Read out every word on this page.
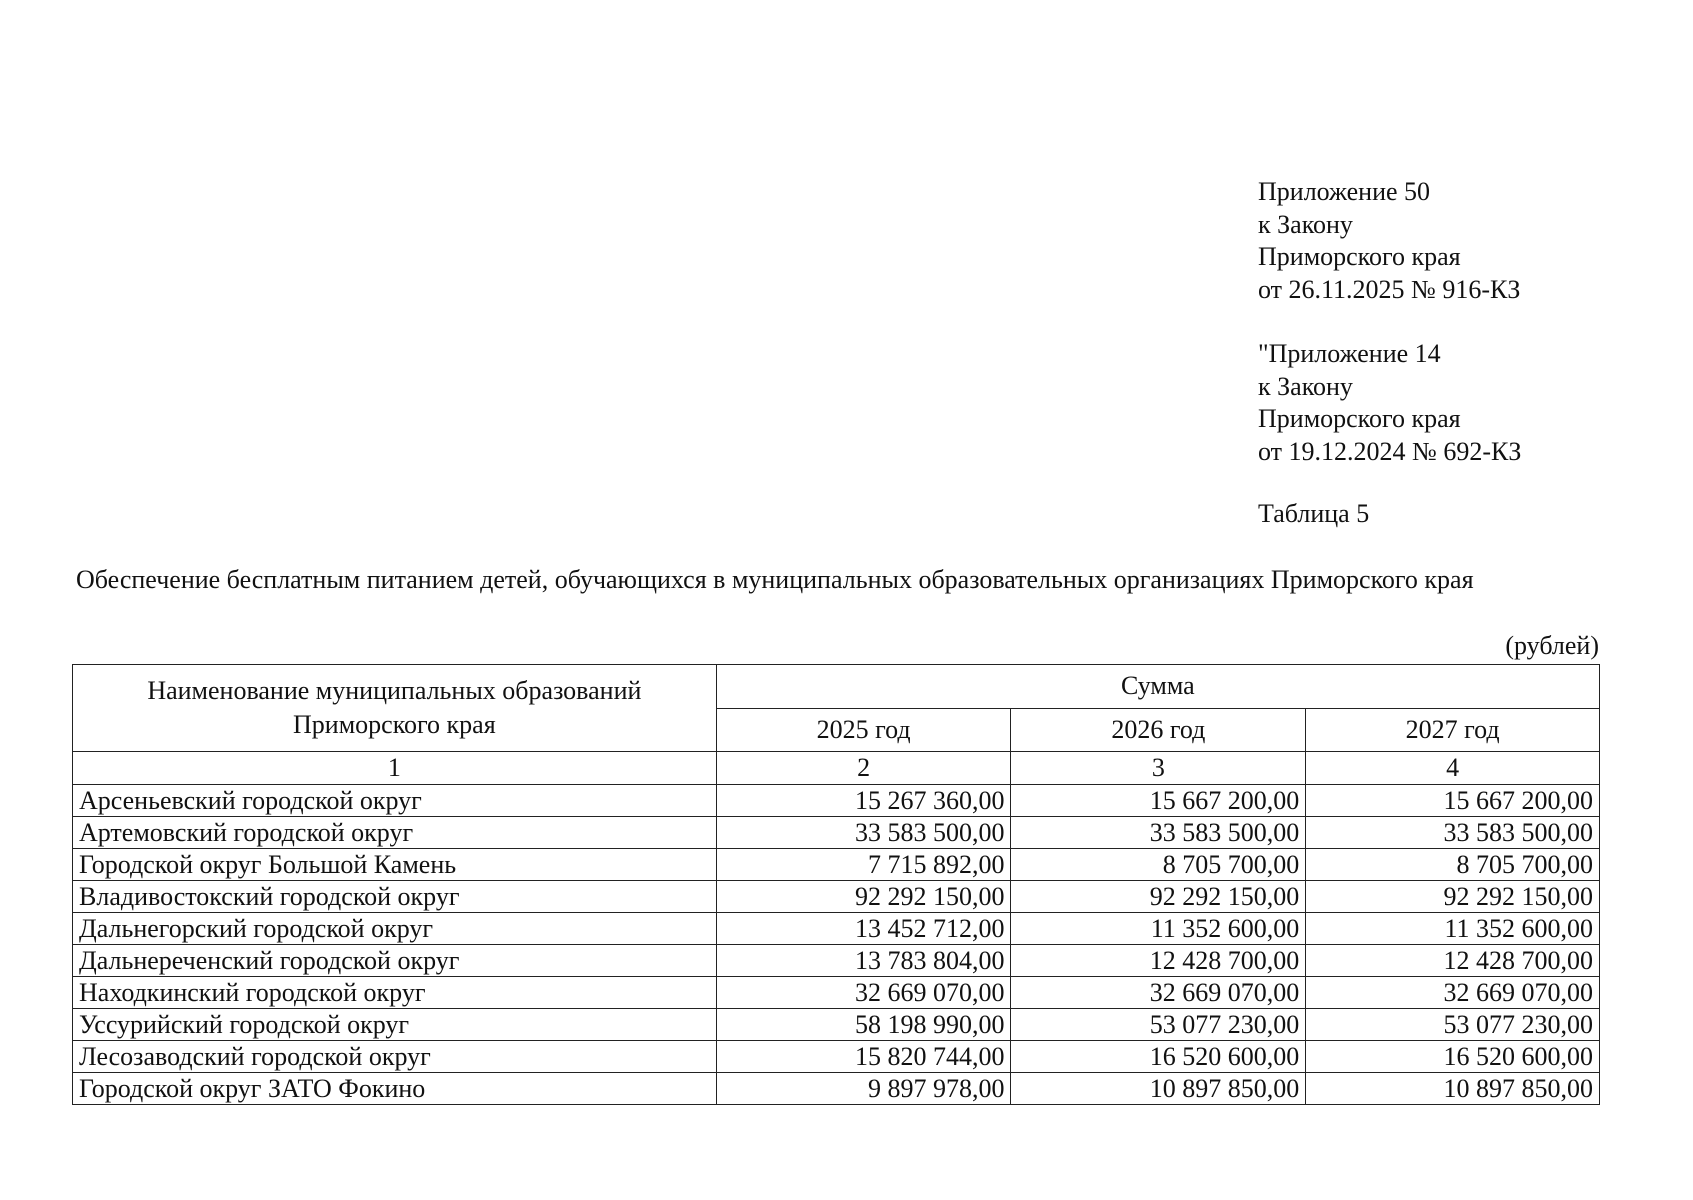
Приложение 50
к Закону
Приморского края
от 26.11.2025 № 916-КЗ
"Приложение 14
к Закону
Приморского края
от 19.12.2024 № 692-КЗ
Таблица 5
Обеспечение бесплатным питанием детей, обучающихся в муниципальных образовательных организациях Приморского края
(рублей)
Наименование муниципальных образований
Приморского края	Сумма		
	2025 год	2026 год	2027 год
1	2	3	4
Арсеньевский городской округ	15 267 360,00	15 667 200,00	15 667 200,00
Артемовский городской округ	33 583 500,00	33 583 500,00	33 583 500,00
Городской округ Большой Камень	7 715 892,00	8 705 700,00	8 705 700,00
Владивостокский городской округ	92 292 150,00	92 292 150,00	92 292 150,00
Дальнегорский городской округ	13 452 712,00	11 352 600,00	11 352 600,00
Дальнереченский городской округ	13 783 804,00	12 428 700,00	12 428 700,00
Находкинский городской округ	32 669 070,00	32 669 070,00	32 669 070,00
Уссурийский городской округ	58 198 990,00	53 077 230,00	53 077 230,00
Лесозаводский городской округ	15 820 744,00	16 520 600,00	16 520 600,00
Городской округ ЗАТО Фокино	9 897 978,00	10 897 850,00	10 897 850,00
